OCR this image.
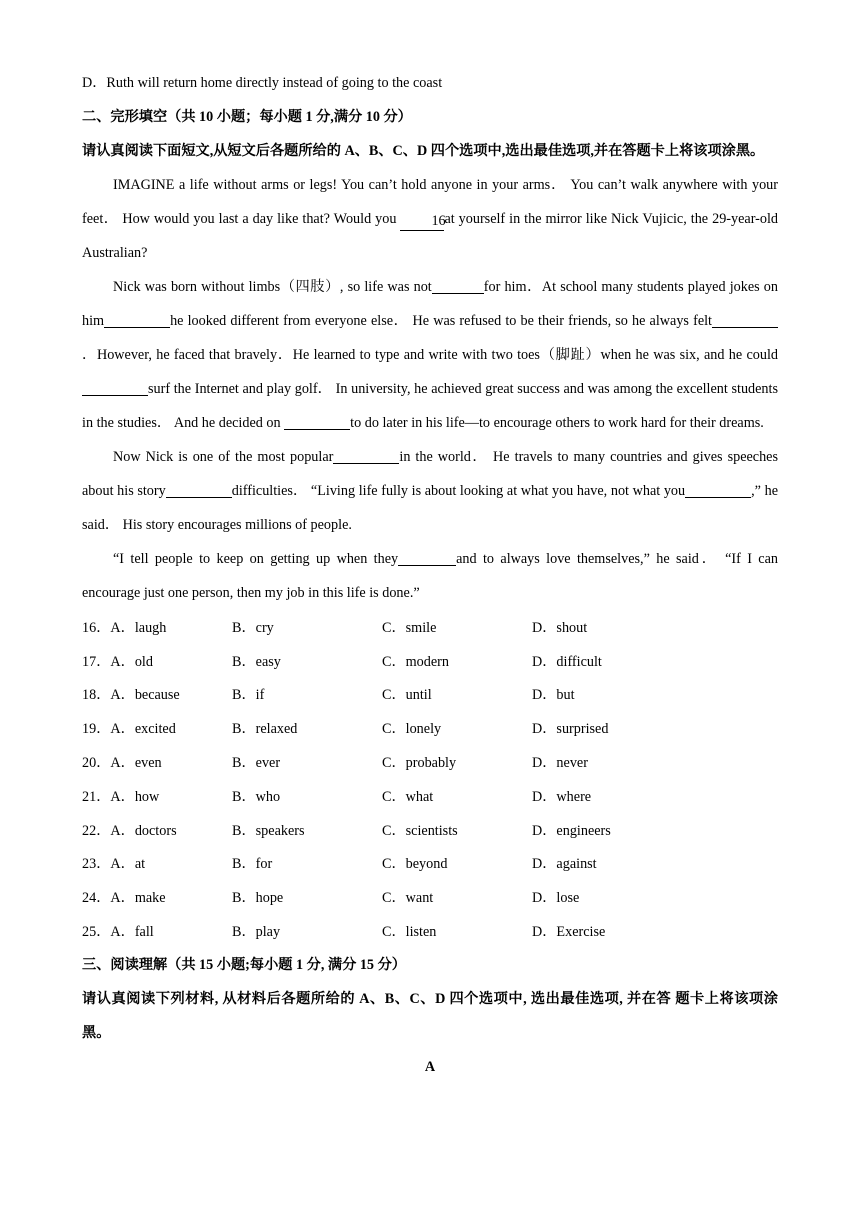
D．Ruth will return home directly instead of going to the coast
二、完形填空（共 10 小题；每小题 1 分,满分 10 分）
请认真阅读下面短文,从短文后各题所给的 A、B、C、D 四个选项中,选出最佳选项,并在答题卡上将该项涂黑。
IMAGINE a life without arms or legs! You can’t hold anyone in your arms． You can’t walk anywhere with your feet． How would you last a day like that? Would you 16at yourself in the mirror like Nick Vujicic, the 29-year-old Australian?
Nick was born without limbs（四肢）, so life was not	for him．At school many students played jokes on him	he looked different from everyone else． He was refused to be their friends, so he always felt．However, he faced that bravely．He learned to type and write with two toes（脚趾）when he was six, and he couldsurf the Internet and play golf． In university, he achieved great success and was among the excellent students in the studies． And he decided on	to do later in his life—to encourage others to work hard for their dreams.
Now Nick is one of the most popular	in the world． He travels to many countries and gives speeches about his story	difficulties． “Living life fully is about looking at what you have, not what you	,” he said． His story encourages millions of people.
“I tell people to keep on getting up when they	and to always love themselves,” he said． “If I can encourage just one person, then my job in this life is done.”
16．A．laugh	B．cry	C．smile	D．shout
17．A．old	B．easy	C．modern	D．difficult
18．A．because	B．if	C．until	D．but
19．A．excited	B．relaxed	C．lonely	D．surprised
20．A．even	B．ever	C．probably	D．never
21．A．how	B．who	C．what	D．where
22．A．doctors	B．speakers	C．scientists	D．engineers
23．A．at	B．for	C．beyond	D．against
24．A．make	B．hope	C．want	D．lose
25．A．fall	B．play	C．listen	D．Exercise
三、阅读理解（共 15 小题;每小题 1 分, 满分 15 分）
请认真阅读下列材料, 从材料后各题所给的 A、B、C、D 四个选项中, 选出最佳选项, 并在答 题卡上将该项涂黑。
A
